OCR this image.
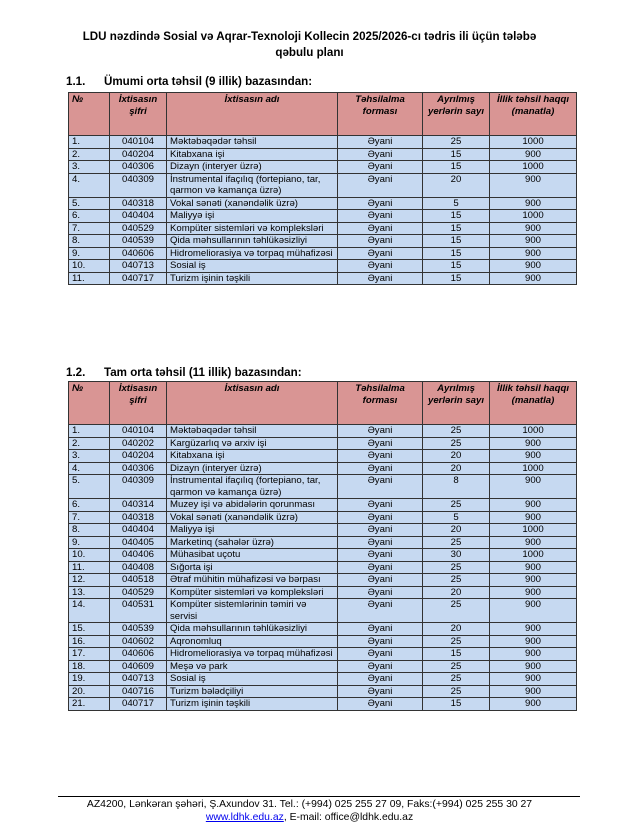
LDU nəzdində Sosial və Aqrar-Texnoloji Kollecin 2025/2026-cı tədris ili üçün tələbə
qəbulu planı
1.1. Ümumi orta təhsil (9 illik) bazasından:
№	İxtisasın şifri	İxtisasın adı	Təhsilalma forması	Ayrılmış yerlərin sayı	İllik təhsil haqqı (manatla)
1.	040104	Məktəbəqədər təhsil	Əyani	25	1000
2.	040204	Kitabxana işi	Əyani	15	900
3.	040306	Dizayn (interyer üzrə)	Əyani	15	1000
4.	040309	İnstrumental ifaçılıq (fortepiano, tar, qarmon və kamança üzrə)	Əyani	20	900
5.	040318	Vokal sənəti (xanəndəlik üzrə)	Əyani	5	900
6.	040404	Maliyyə işi	Əyani	15	1000
7.	040529	Kompüter sistemləri və kompleksləri	Əyani	15	900
8.	040539	Qida məhsullarının təhlükəsizliyi	Əyani	15	900
9.	040606	Hidromeliorasiya və torpaq mühafizəsi	Əyani	15	900
10.	040713	Sosial iş	Əyani	15	900
11.	040717	Turizm işinin təşkili	Əyani	15	900
1.2. Tam orta təhsil (11 illik) bazasından:
№	İxtisasın şifri	İxtisasın adı	Təhsilalma forması	Ayrılmış yerlərin sayı	İllik təhsil haqqı (manatla)
1.	040104	Məktəbəqədər təhsil	Əyani	25	1000
2.	040202	Kargüzarlıq və arxiv işi	Əyani	25	900
3.	040204	Kitabxana işi	Əyani	20	900
4.	040306	Dizayn (interyer üzrə)	Əyani	20	1000
5.	040309	İnstrumental ifaçılıq (fortepiano, tar, qarmon və kamança üzrə)	Əyani	8	900
6.	040314	Muzey işi və abidələrin qorunması	Əyani	25	900
7.	040318	Vokal sənəti (xanəndəlik üzrə)	Əyani	5	900
8.	040404	Maliyyə işi	Əyani	20	1000
9.	040405	Marketinq (sahələr üzrə)	Əyani	25	900
10.	040406	Mühasibat uçotu	Əyani	30	1000
11.	040408	Sığorta işi	Əyani	25	900
12.	040518	Ətraf mühitin mühafizəsi və bərpası	Əyani	25	900
13.	040529	Kompüter sistemləri və kompleksləri	Əyani	20	900
14.	040531	Kompüter sistemlərinin təmiri və servisi	Əyani	25	900
15.	040539	Qida məhsullarının təhlükəsizliyi	Əyani	20	900
16.	040602	Aqronomluq	Əyani	25	900
17.	040606	Hidromeliorasiya və torpaq mühafizəsi	Əyani	15	900
18.	040609	Meşə və park	Əyani	25	900
19.	040713	Sosial iş	Əyani	25	900
20.	040716	Turizm bələdçiliyi	Əyani	25	900
21.	040717	Turizm işinin təşkili	Əyani	15	900
AZ4200, Lənkəran şəhəri, Ş.Axundov 31. Tel.: (+994) 025 255 27 09, Faks:(+994) 025 255 30 27
www.ldhk.edu.az, E-mail: office@ldhk.edu.az
